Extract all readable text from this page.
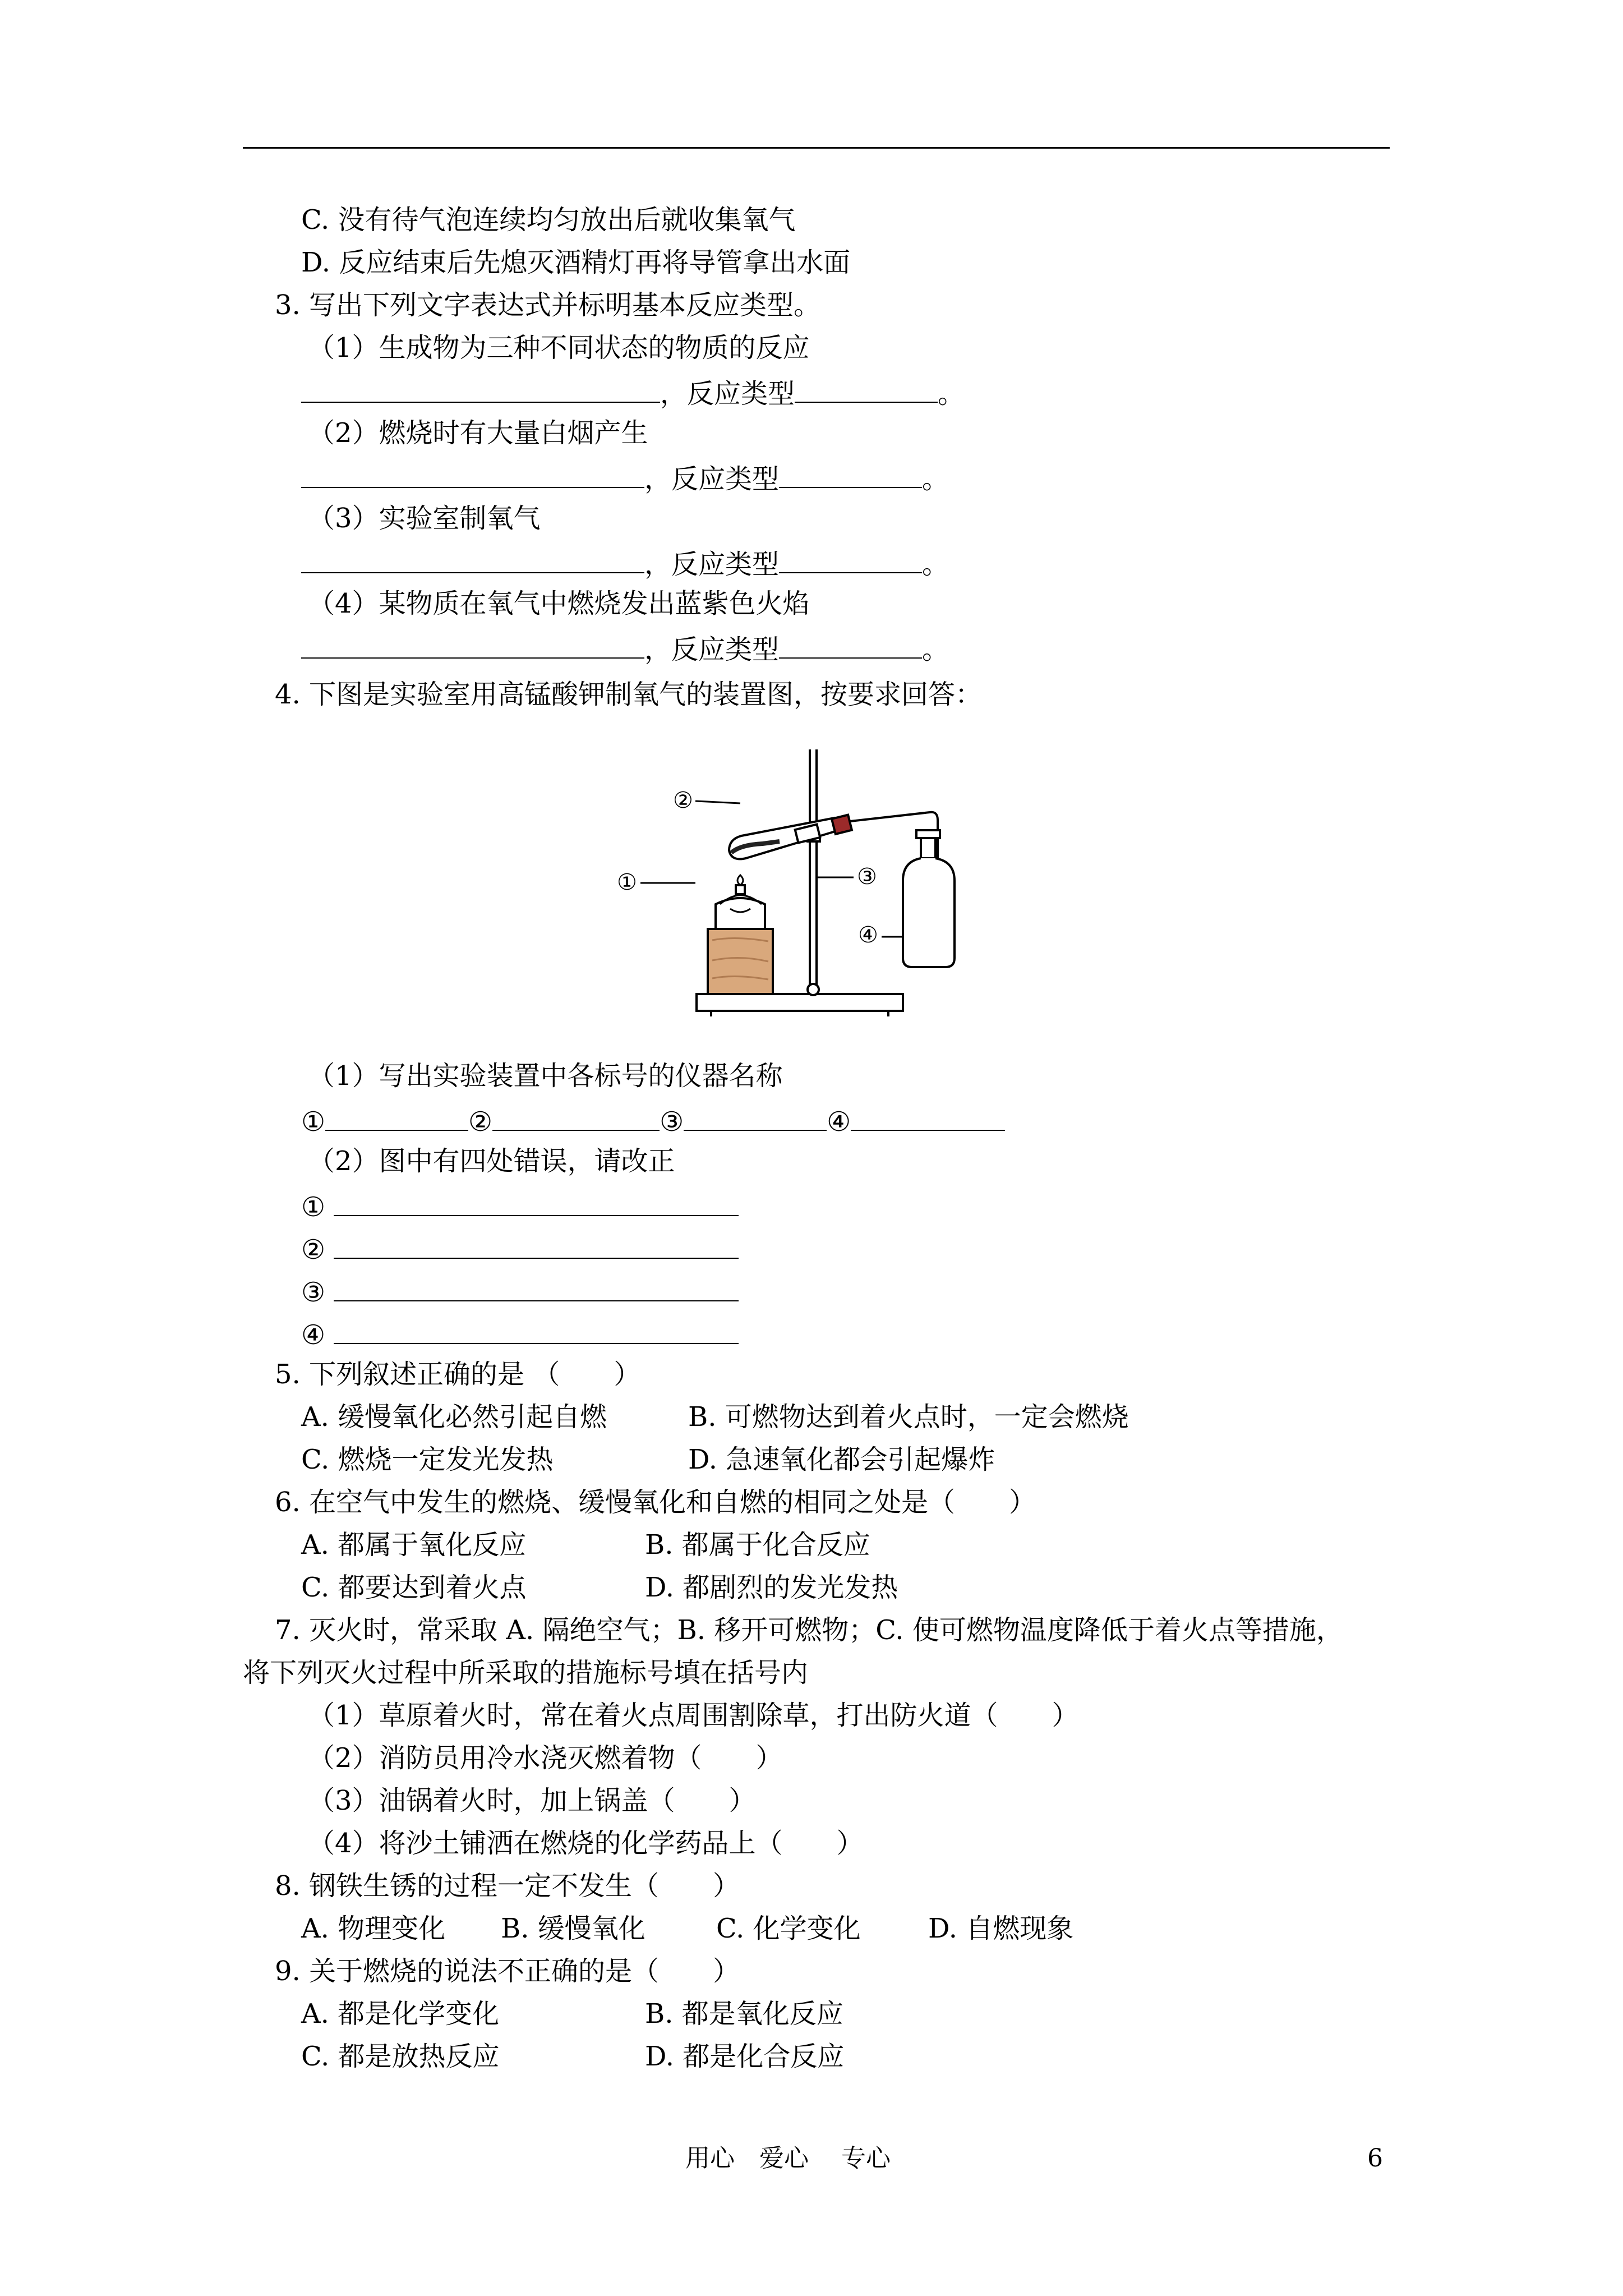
C. 没有待气泡连续均匀放出后就收集氧气
D. 反应结束后先熄灭酒精灯再将导管拿出水面
3. 写出下列文字表达式并标明基本反应类型。
（1）生成物为三种不同状态的物质的反应
，反应类型	。
（2）燃烧时有大量白烟产生
，反应类型	。
（3）实验室制氧气
，反应类型	。
（4）某物质在氧气中燃烧发出蓝紫色火焰
，反应类型	。
4. 下图是实验室用高锰酸钾制氧气的装置图，按要求回答：
②
①	③
④
（1）写出实验装置中各标号的仪器名称
①	②	③	④
（2）图中有四处错误，请改正
①
②
③
④
5. 下列叙述正确的是 （　　）
A. 缓慢氧化必然引起自燃	B. 可燃物达到着火点时，一定会燃烧
C. 燃烧一定发光发热	D. 急速氧化都会引起爆炸
6. 在空气中发生的燃烧、缓慢氧化和自燃的相同之处是（　　）
A. 都属于氧化反应	B. 都属于化合反应
C. 都要达到着火点	D. 都剧烈的发光发热
7. 灭火时，常采取 A. 隔绝空气；B. 移开可燃物；C. 使可燃物温度降低于着火点等措施，
将下列灭火过程中所采取的措施标号填在括号内
（1）草原着火时，常在着火点周围割除草，打出防火道（　　）
（2）消防员用冷水浇灭燃着物（　　）
（3）油锅着火时，加上锅盖（　　）
（4）将沙土铺洒在燃烧的化学药品上（　　）
8. 钢铁生锈的过程一定不发生（　　）
A. 物理变化 B. 缓慢氧化	C. 化学变化	D. 自燃现象
9. 关于燃烧的说法不正确的是（　　）
A. 都是化学变化	B. 都是氧化反应
C. 都是放热反应	D. 都是化合反应
用心　爱心　 专心	6
